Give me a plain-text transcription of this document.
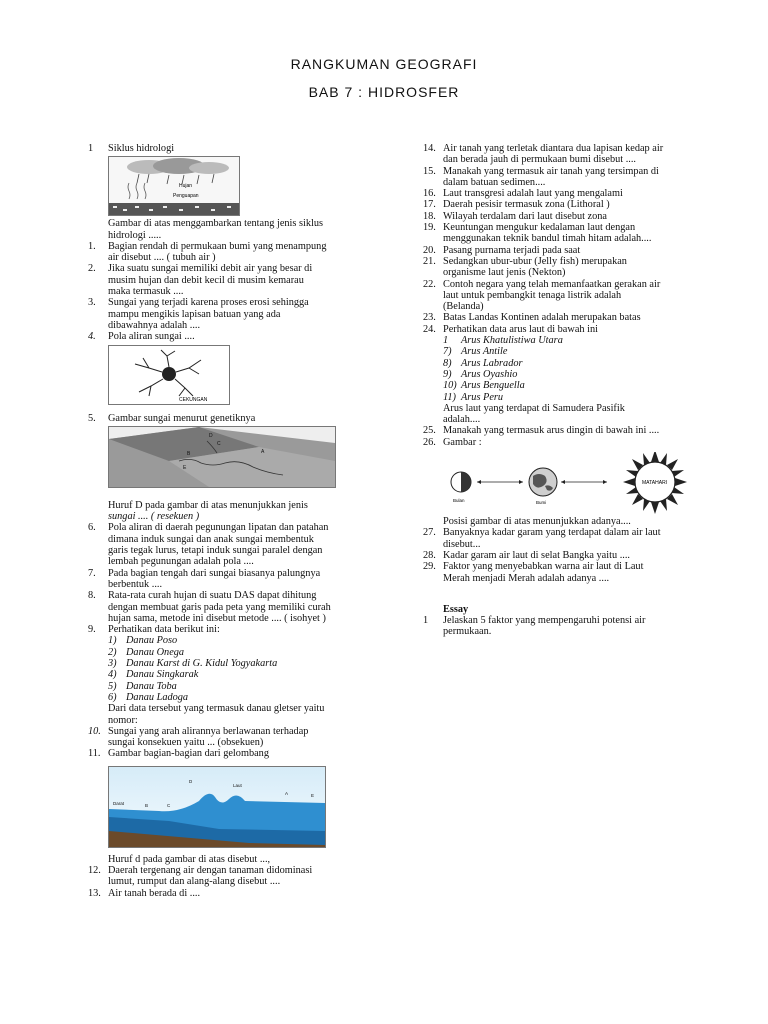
RANGKUMAN GEOGRAFI
BAB 7 : HIDROSFER
1 Siklus hidrologi
Hujan
Penguapan
Gambar di atas menggambarkan tentang jenis siklus
hidrologi .....
1. Bagian rendah di permukaan bumi yang menampung
air disebut .... ( tubuh air )
2. Jika suatu sungai memiliki debit air yang besar di
musim hujan dan debit kecil di musim kemarau
maka termasuk ....
3. Sungai yang terjadi karena proses erosi sehingga
mampu mengikis lapisan batuan yang ada
dibawahnya adalah ....
4. Pola aliran sungai ....
CEKUNGAN
5. Gambar sungai menurut genetiknya
D
C
B	A
E
Huruf D pada gambar di atas menunjukkan jenis
sungai .... ( resekuen )
6. Pola aliran di daerah pegunungan lipatan dan patahan
dimana induk sungai dan anak sungai membentuk
garis tegak lurus, tetapi induk sungai paralel dengan
lembah pegunungan adalah pola ....
7. Pada bagian tengah dari sungai biasanya palungnya
berbentuk ....
8. Rata-rata curah hujan di suatu DAS dapat dihitung
dengan membuat garis pada peta yang memiliki curah
hujan sama, metode ini disebut metode .... ( isohyet )
9. Perhatikan data berikut ini:
1) Danau Poso
2) Danau Onega
3) Danau Karst di G. Kidul Yogyakarta
4) Danau Singkarak
5) Danau Toba
6) Danau Ladoga
Dari data tersebut yang termasuk danau gletser yaitu
nomor:
10. Sungai yang arah alirannya berlawanan terhadap
sungai konsekuen yaitu ... (obsekuen)
11. Gambar bagian-bagian dari gelombang
Darat
Laut
D
C
B
A	E
Huruf d pada gambar di atas disebut ...,
12. Daerah tergenang air dengan tanaman didominasi
lumut, rumput dan alang-alang disebut ....
13. Air tanah berada di ....
14. Air tanah yang terletak diantara dua lapisan kedap air
dan berada jauh di permukaan bumi disebut ....
15. Manakah yang termasuk air tanah yang tersimpan di
dalam batuan sedimen....
16. Laut transgresi adalah laut yang mengalami
17. Daerah pesisir termasuk zona (Lithoral )
18. Wilayah terdalam dari laut disebut zona
19. Keuntungan mengukur kedalaman laut dengan
menggunakan teknik bandul timah hitam adalah....
20. Pasang purnama terjadi pada saat
21. Sedangkan ubur-ubur (Jelly fish) merupakan
organisme laut jenis (Nekton)
22. Contoh negara yang telah memanfaatkan gerakan air
laut untuk pembangkit tenaga listrik adalah
(Belanda)
23. Batas Landas Kontinen adalah merupakan batas
24. Perhatikan data arus laut di bawah ini
1 Arus Khatulistiwa Utara
7) Arus Antile
8) Arus Labrador
9) Arus Oyashio
10) Arus Benguella
11) Arus Peru
Arus laut yang terdapat di Samudera Pasifik
adalah....
25. Manakah yang termasuk arus dingin di bawah ini ....
26. Gambar :
Bulan	Bumi
MATAHARI
Posisi gambar di atas menunjukkan adanya....
27. Banyaknya kadar garam yang terdapat dalam air laut
disebut...
28. Kadar garam air laut di selat Bangka yaitu ....
29. Faktor yang menyebabkan warna air laut di Laut
Merah menjadi Merah adalah adanya ....
Essay
1 Jelaskan 5 faktor yang mempengaruhi potensi air
permukaan.
